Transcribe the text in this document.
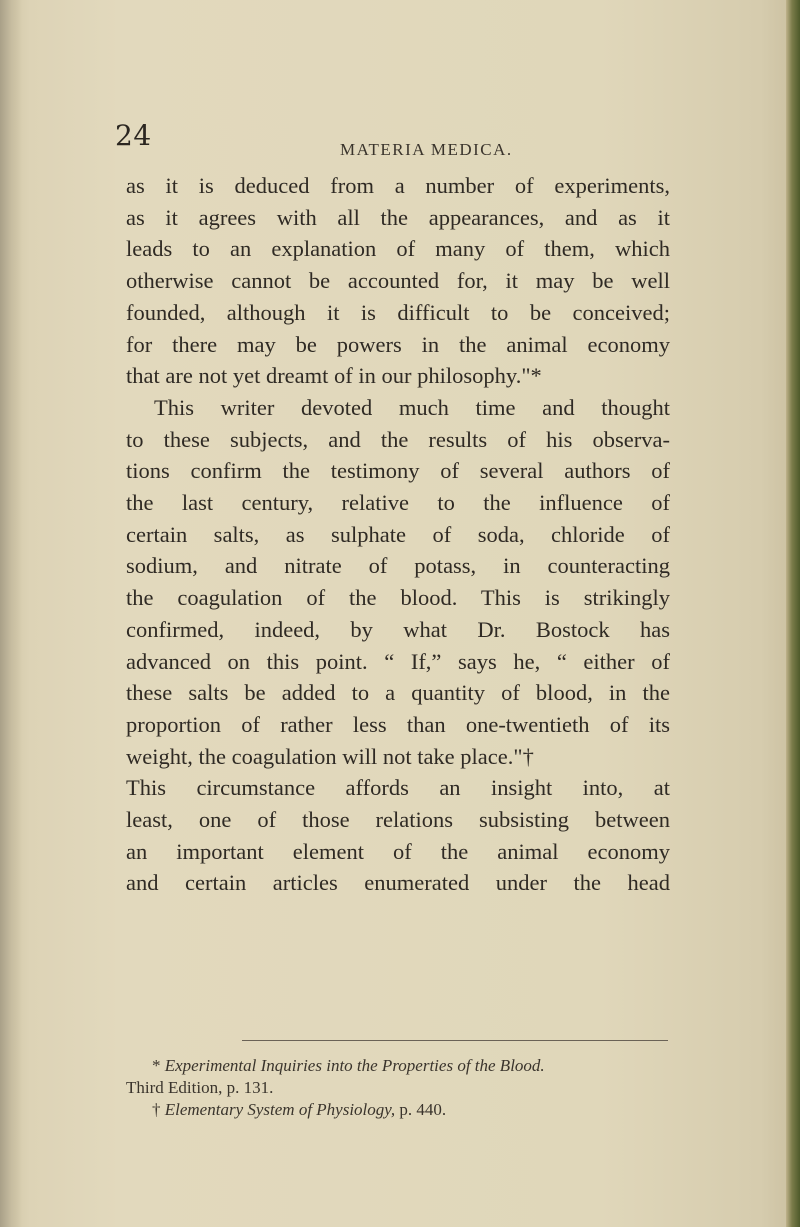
24	MATERIA MEDICA.
as it is deduced from a number of experiments,
as it agrees with all the appearances, and as it
leads to an explanation of many of them, which
otherwise cannot be accounted for, it may be well
founded, although it is difficult to be conceived;
for there may be powers in the animal economy
that are not yet dreamt of in our philosophy."*
This writer devoted much time and thought
to these subjects, and the results of his observa-
tions confirm the testimony of several authors of
the last century, relative to the influence of
certain salts, as sulphate of soda, chloride of
sodium, and nitrate of potass, in counteracting
the coagulation of the blood. This is strikingly
confirmed, indeed, by what Dr. Bostock has
advanced on this point. “ If,” says he, “ either of
these salts be added to a quantity of blood, in the
proportion of rather less than one-twentieth of its
weight, the coagulation will not take place."†
This circumstance affords an insight into, at
least, one of those relations subsisting between
an important element of the animal economy
and certain articles enumerated under the head
* Experimental Inquiries into the Properties of the Blood.
Third Edition, p. 131.
† Elementary System of Physiology, p. 440.
